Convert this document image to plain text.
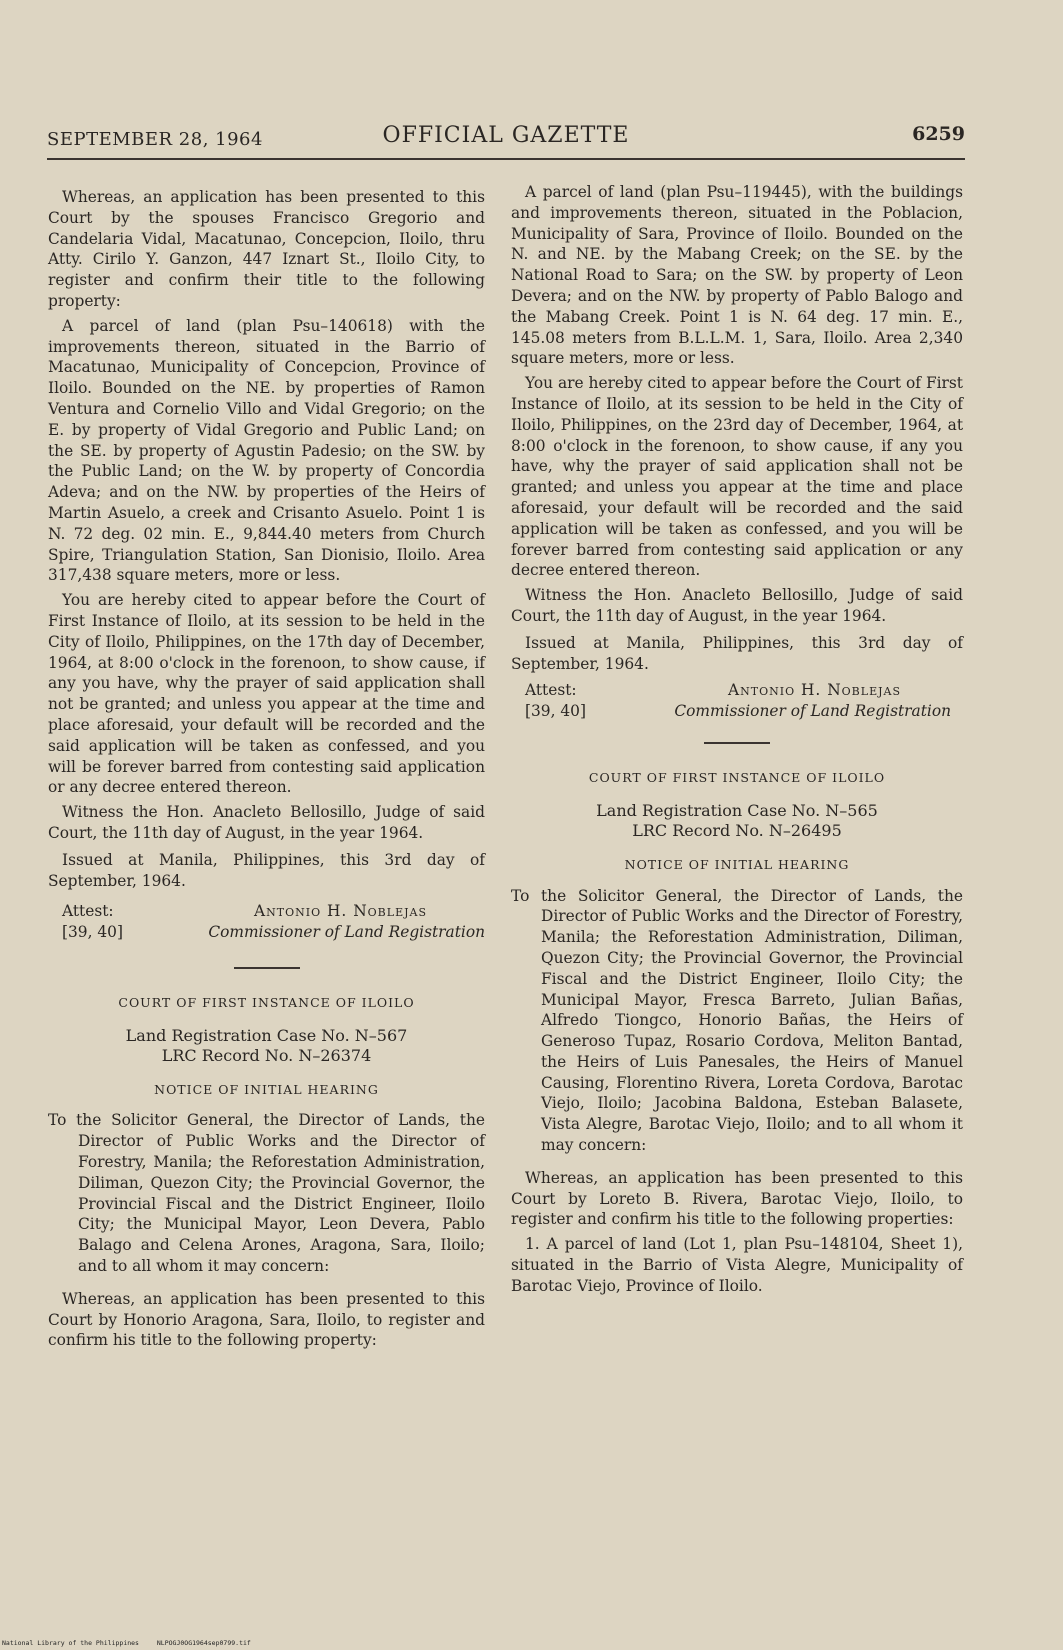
SEPTEMBER 28, 1964	OFFICIAL GAZETTE	6259

Whereas, an application has been presented to this Court by the spouses Francisco Gregorio and Candelaria Vidal, Macatunao, Concepcion, Iloilo, thru Atty. Cirilo Y. Ganzon, 447 Iznart St., Iloilo City, to register and confirm their title to the following property:

A parcel of land (plan Psu–140618) with the improvements thereon, situated in the Barrio of Macatunao, Municipality of Concepcion, Province of Iloilo. Bounded on the NE. by properties of Ramon Ventura and Cornelio Villo and Vidal Gregorio; on the E. by property of Vidal Gregorio and Public Land; on the SE. by property of Agustin Padesio; on the SW. by the Public Land; on the W. by property of Concordia Adeva; and on the NW. by properties of the Heirs of Martin Asuelo, a creek and Crisanto Asuelo. Point 1 is N. 72 deg. 02 min. E., 9,844.40 meters from Church Spire, Triangulation Station, San Dionisio, Iloilo. Area 317,438 square meters, more or less.

You are hereby cited to appear before the Court of First Instance of Iloilo, at its session to be held in the City of Iloilo, Philippines, on the 17th day of December, 1964, at 8:00 o'clock in the forenoon, to show cause, if any you have, why the prayer of said application shall not be granted; and unless you appear at the time and place aforesaid, your default will be recorded and the said application will be taken as confessed, and you will be forever barred from contesting said application or any decree entered thereon.

Witness the Hon. Anacleto Bellosillo, Judge of said Court, the 11th day of August, in the year 1964.

Issued at Manila, Philippines, this 3rd day of September, 1964.

Attest:	Antonio H. Noblejas
[39, 40]	Commissioner of Land Registration
COURT OF FIRST INSTANCE OF ILOILO
Land Registration Case No. N–567
LRC Record No. N–26374
NOTICE OF INITIAL HEARING
To the Solicitor General, the Director of Lands, the Director of Public Works and the Director of Forestry, Manila; the Reforestation Administration, Diliman, Quezon City; the Provincial Governor, the Provincial Fiscal and the District Engineer, Iloilo City; the Municipal Mayor, Leon Devera, Pablo Balago and Celena Arones, Aragona, Sara, Iloilo; and to all whom it may concern:

Whereas, an application has been presented to this Court by Honorio Aragona, Sara, Iloilo, to register and confirm his title to the following property:

A parcel of land (plan Psu–119445), with the buildings and improvements thereon, situated in the Poblacion, Municipality of Sara, Province of Iloilo. Bounded on the N. and NE. by the Mabang Creek; on the SE. by the National Road to Sara; on the SW. by property of Leon Devera; and on the NW. by property of Pablo Balogo and the Mabang Creek. Point 1 is N. 64 deg. 17 min. E., 145.08 meters from B.L.L.M. 1, Sara, Iloilo. Area 2,340 square meters, more or less.

You are hereby cited to appear before the Court of First Instance of Iloilo, at its session to be held in the City of Iloilo, Philippines, on the 23rd day of December, 1964, at 8:00 o'clock in the forenoon, to show cause, if any you have, why the prayer of said application shall not be granted; and unless you appear at the time and place aforesaid, your default will be recorded and the said application will be taken as confessed, and you will be forever barred from contesting said application or any decree entered thereon.

Witness the Hon. Anacleto Bellosillo, Judge of said Court, the 11th day of August, in the year 1964.

Issued at Manila, Philippines, this 3rd day of September, 1964.

Attest:	Antonio H. Noblejas
[39, 40]	Commissioner of Land Registration
COURT OF FIRST INSTANCE OF ILOILO
Land Registration Case No. N–565
LRC Record No. N–26495
NOTICE OF INITIAL HEARING
To the Solicitor General, the Director of Lands, the Director of Public Works and the Director of Forestry, Manila; the Reforestation Administration, Diliman, Quezon City; the Provincial Governor, the Provincial Fiscal and the District Engineer, Iloilo City; the Municipal Mayor, Fresca Barreto, Julian Bañas, Alfredo Tiongco, Honorio Bañas, the Heirs of Generoso Tupaz, Rosario Cordova, Meliton Bantad, the Heirs of Luis Panesales, the Heirs of Manuel Causing, Florentino Rivera, Loreta Cordova, Barotac Viejo, Iloilo; Jacobina Baldona, Esteban Balasete, Vista Alegre, Barotac Viejo, Iloilo; and to all whom it may concern:

Whereas, an application has been presented to this Court by Loreto B. Rivera, Barotac Viejo, Iloilo, to register and confirm his title to the following properties:

1. A parcel of land (Lot 1, plan Psu–148104, Sheet 1), situated in the Barrio of Vista Alegre, Municipality of Barotac Viejo, Province of Iloilo.

National Library of the Philippines	NLPOGJ0OG1964sep0799.tif
